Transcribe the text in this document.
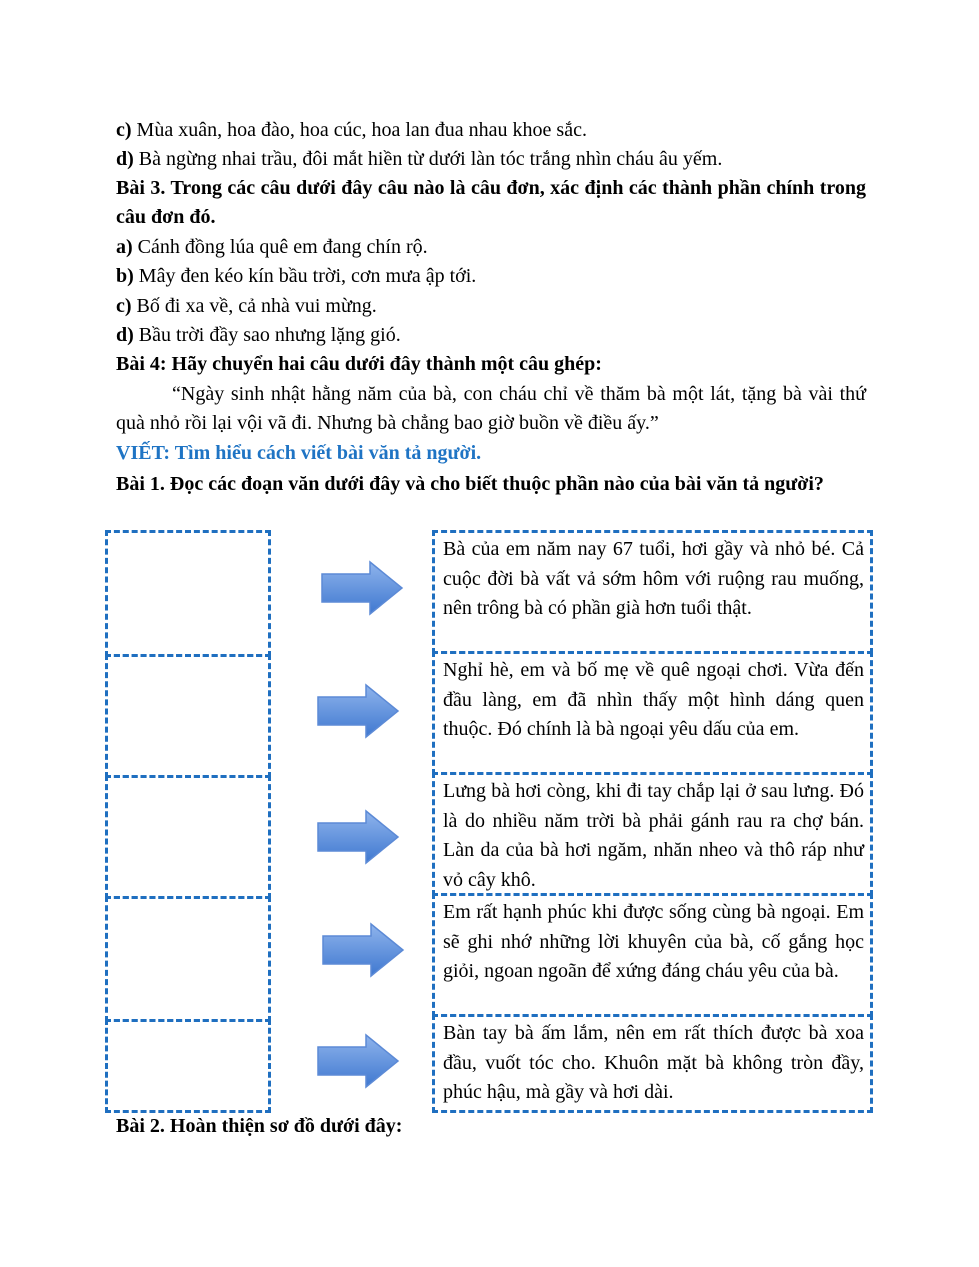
c) Mùa xuân, hoa đào, hoa cúc, hoa lan đua nhau khoe sắc.
d) Bà ngừng nhai trầu, đôi mắt hiền từ dưới làn tóc trắng nhìn cháu âu yếm.
Bài 3. Trong các câu dưới đây câu nào là câu đơn, xác định các thành phần chính trong câu đơn đó.
a) Cánh đồng lúa quê em đang chín rộ.
b) Mây đen kéo kín bầu trời, cơn mưa ập tới.
c) Bố đi xa về, cả nhà vui mừng.
d) Bầu trời đầy sao nhưng lặng gió.
Bài 4: Hãy chuyển hai câu dưới đây thành một câu ghép:
“Ngày sinh nhật hằng năm của bà, con cháu chỉ về thăm bà một lát, tặng bà vài thứ quà nhỏ rồi lại vội vã đi. Nhưng bà chẳng bao giờ buồn về điều ấy.”
VIẾT: Tìm hiểu cách viết bài văn tả người.
Bài 1. Đọc các đoạn văn dưới đây và cho biết thuộc phần nào của bài văn tả người?
Bà của em năm nay 67 tuổi, hơi gầy và nhỏ bé. Cả cuộc đời bà vất vả sớm hôm với ruộng rau muống, nên trông bà có phần già hơn tuổi thật.
Nghỉ hè, em và bố mẹ về quê ngoại chơi. Vừa đến đầu làng, em đã nhìn thấy một hình dáng quen thuộc. Đó chính là bà ngoại yêu dấu của em.
Lưng bà hơi còng, khi đi tay chắp lại ở sau lưng. Đó là do nhiều năm trời bà phải gánh rau ra chợ bán. Làn da của bà hơi ngăm, nhăn nheo và thô ráp như vỏ cây khô.
Em rất hạnh phúc khi được sống cùng bà ngoại. Em sẽ ghi nhớ những lời khuyên của bà, cố gắng học giỏi, ngoan ngoãn để xứng đáng cháu yêu của bà.
Bàn tay bà ấm lắm, nên em rất thích được bà xoa đầu, vuốt tóc cho. Khuôn mặt bà không tròn đầy, phúc hậu, mà gầy và hơi dài.
Bài 2. Hoàn thiện sơ đồ dưới đây:
